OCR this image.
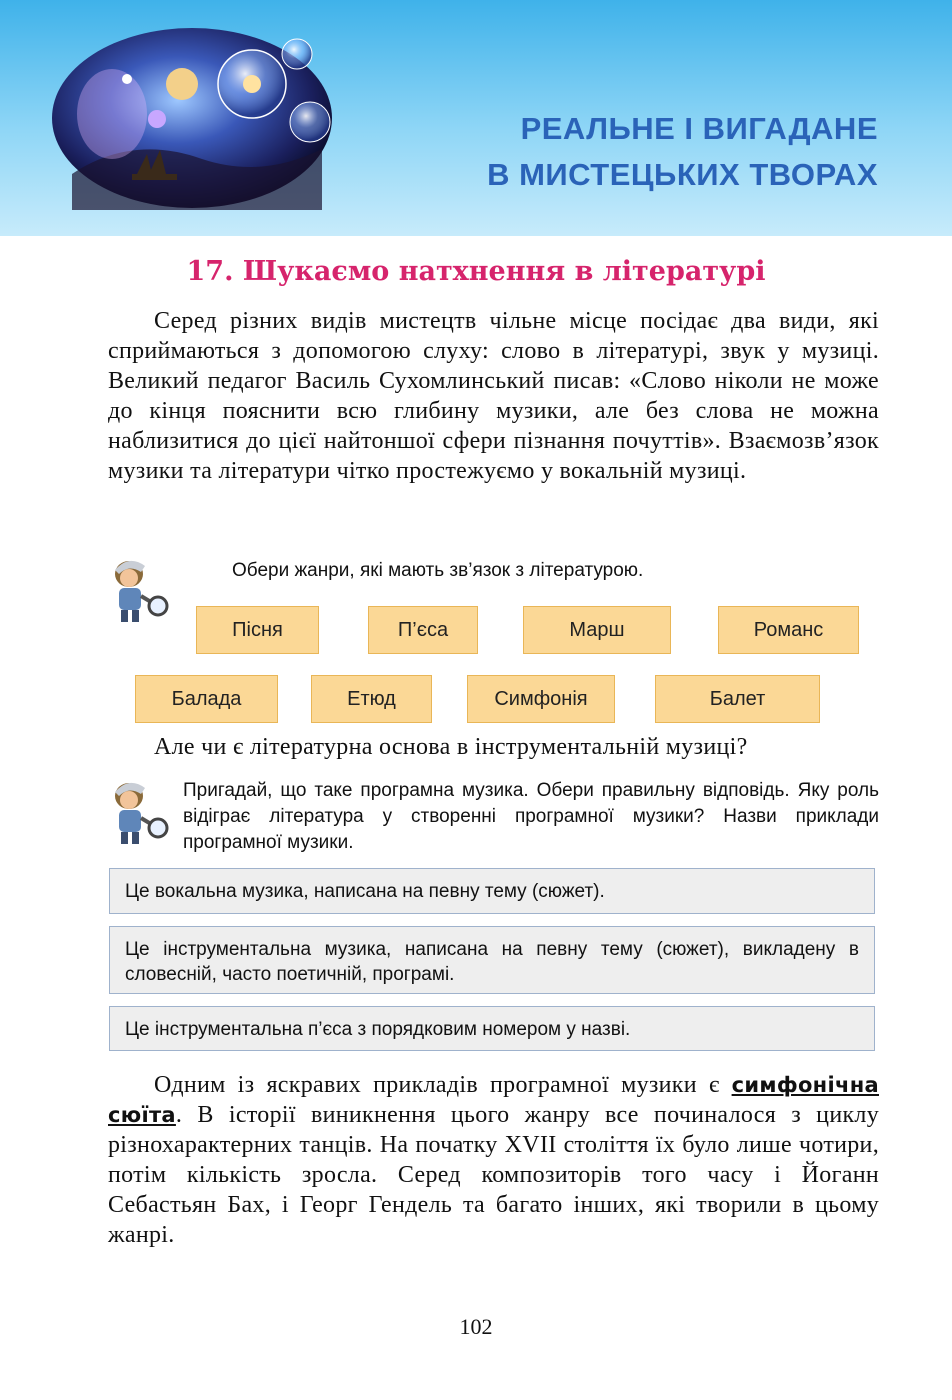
РЕАЛЬНЕ І ВИГАДАНЕ
В МИСТЕЦЬКИХ ТВОРАХ
17. Шукаємо натхнення в літературі

Серед різних видів мистецтв чільне місце посідає два види, які сприймаються з допомогою слуху: слово в літературі, звук у музиці. Великий педагог Василь Сухомлинський писав: «Слово ніколи не може до кінця пояснити всю глибину музики, але без слова не можна наблизитися до цієї найтоншої сфери пізнання почуттів». Взаємозв’язок музики та літератури чітко простежуємо у вокальній музиці.

Обери жанри, які мають зв’язок з літературою.
Пісня	П’єса	Марш	Романс
Балада	Етюд	Симфонія	Балет
Але чи є літературна основа в інструментальній музиці?
Пригадай, що таке програмна музика. Обери правильну відповідь. Яку роль відіграє література у створенні програмної музики? Назви приклади програмної музики.
Це вокальна музика, написана на певну тему (сюжет).
Це інструментальна музика, написана на певну тему (сюжет), викладену в словесній, часто поетичній, програмі.
Це інструментальна п’єса з порядковим номером у назві.

Одним із яскравих прикладів програмної музики є симфонічна сюїта. В історії виникнення цього жанру все починалося з циклу різнохарактерних танців. На початку XVII століття їх було лише чотири, потім кількість зросла. Серед композиторів того часу і Йоганн Себастьян Бах, і Георг Гендель та багато інших, які творили в цьому жанрі.

102
